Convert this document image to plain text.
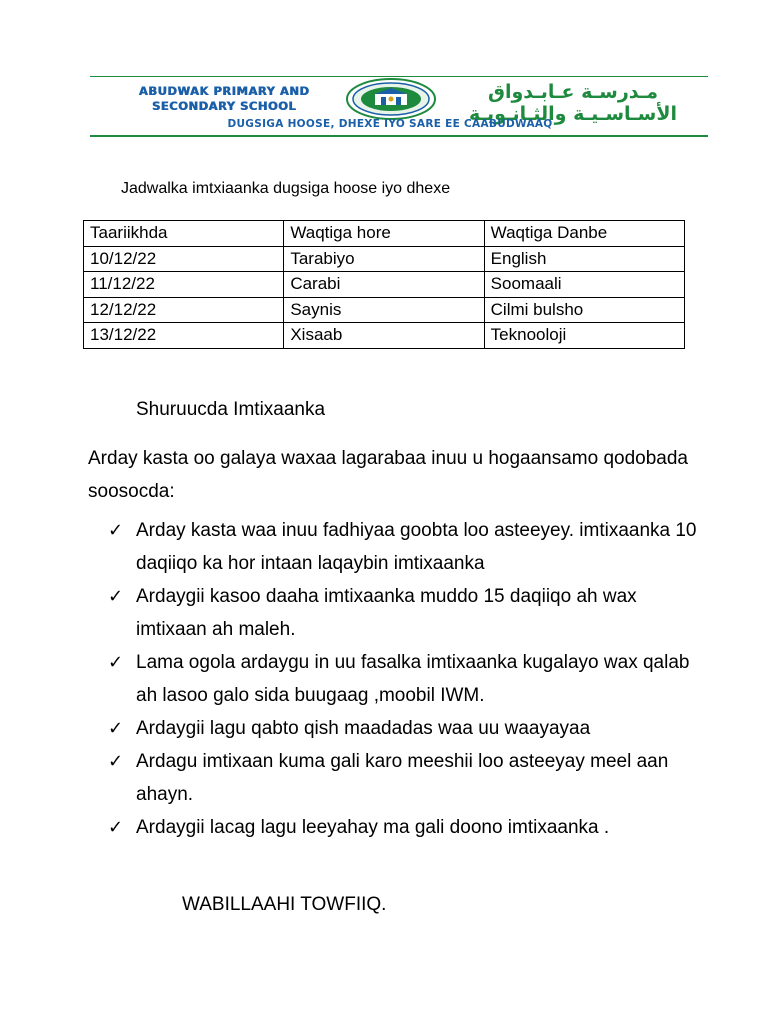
ABUDWAK PRIMARY AND
SECONDARY SCHOOL
مـدرسـة عـابـدواق
الأسـاسـيـة والثـانـويـة
DUGSIGA HOOSE, DHEXE IYO SARE EE CAABUDWAAQ
Jadwalka imtxiaanka dugsiga hoose iyo dhexe
Taariikhda	Waqtiga hore	Waqtiga Danbe
10/12/22	Tarabiyo	English
11/12/22	Carabi	Soomaali
12/12/22	Saynis	Cilmi bulsho
13/12/22	Xisaab	Teknooloji
Shuruucda Imtixaanka
Arday kasta oo galaya waxaa lagarabaa inuu u hogaansamo qodobada soosocda:
✓ Arday kasta waa inuu fadhiyaa goobta loo asteeyey. imtixaanka 10 daqiiqo ka hor intaan laqaybin imtixaanka
✓ Ardaygii kasoo daaha imtixaanka muddo 15 daqiiqo ah wax imtixaan ah maleh.
✓ Lama ogola ardaygu in uu fasalka imtixaanka kugalayo wax qalab ah lasoo galo sida buugaag ,moobil IWM.
✓ Ardaygii lagu qabto qish maadadas waa uu waayayaa
✓ Ardagu imtixaan kuma gali karo meeshii loo asteeyay meel aan ahayn.
✓ Ardaygii lacag lagu leeyahay ma gali doono imtixaanka .
WABILLAAHI TOWFIIQ.
